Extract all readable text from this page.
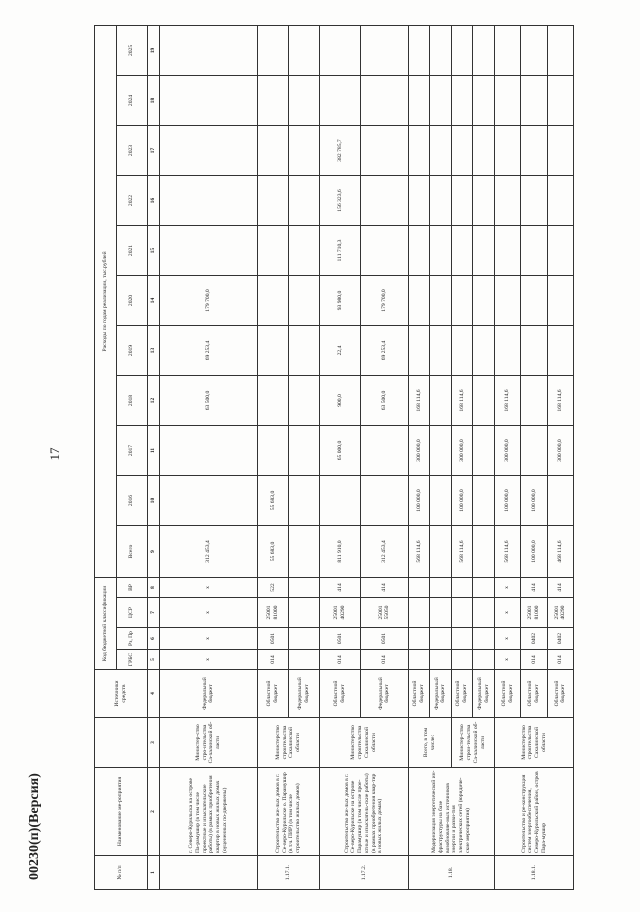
17
№ п/п	Наименование ме-роприятия		Источники средств	Код бюджетной классификации				Расходы по годам реализации, тыс.рублей										
				ГРБС	Рз, Пр	ЦСР	ВР	Всего	2016	2017	2018	2019	2020	2021	2022	2023	2024	2025
1	2	3	4	5	6	7	8	9	10	11	12	13	14	15	16	17	18	19
	г. Северо-Курильска на острове Па-рамушир (в том числе проектные и изыскательские работы) (в рамках приобретения квартир в новых жилых домах (оуцененных по-двержены)	Министер-ство стро-ительства Са-халинской об-ласти	Федеральный бюджет	х	х	х	х	312 453,4			63 500,0	69 253,4	179 700,0					
1.17.1.	Строительство жи-лых домов в г. Се-веро-Курильске о. Парамушир (в т.ч. ПИР) (в том числе строительство жилых домов)	Министерство строительства Сахалинской области	Областной бюджет	014	0501	25001 81000	522	55 683,0	55 683,0									
			Федеральный бюджет															
1.17.2.	Строительство жи-лых домов в г. Се-веро-Курильске на острове Парамушир (в том числе прое-ктные и изыскатель-ские работы) (в рамках приобретения квар-тир в новых жилых домах)	Министерство строительства Сахалинской области	Областной бюджет	014	0501	25001 40290	414	811 910,0		65 000,0	900,0	22,4	93 980,0	111 710,3	156 323,6	382 785,7		
			Федеральный бюджет	014	0501	25001 55050	414	312 453,4			63 500,0	69 253,4	179 700,0					
1.18.	Модернизация энергетической ин-фраструктуры на базе возобновляе-мых источников энергии и разви-тия электрических сетей (юридиче-ские мероприятия)	Всего, в том числе:	Областной бюджет					568 114,6	100 000,0	300 000,0	168 114,6							
			Федеральный бюджет															
		Министер-ство строи-тельства Са-халинской об-ласти	Областной бюджет					568 114,6	100 000,0	300 000,0	168 114,6							
			Федеральный бюджет															
1.18.1.	Строительство и ре-конструкция систем энергообеспечения, Северо-Курильский район, остров Пара-мушир	Министерство строительства Сахалинской области	Областной бюджет	х	х	х	х	568 114,6	100 000,0	300 000,0	168 114,6							
			Областной бюджет	014	0402	25001 81000	414	100 000,0	100 000,0									
			Областной бюджет	014	0402	25001 40290	414	468 114,6		300 000,0	168 114,6							
00230(п)(Версия)
